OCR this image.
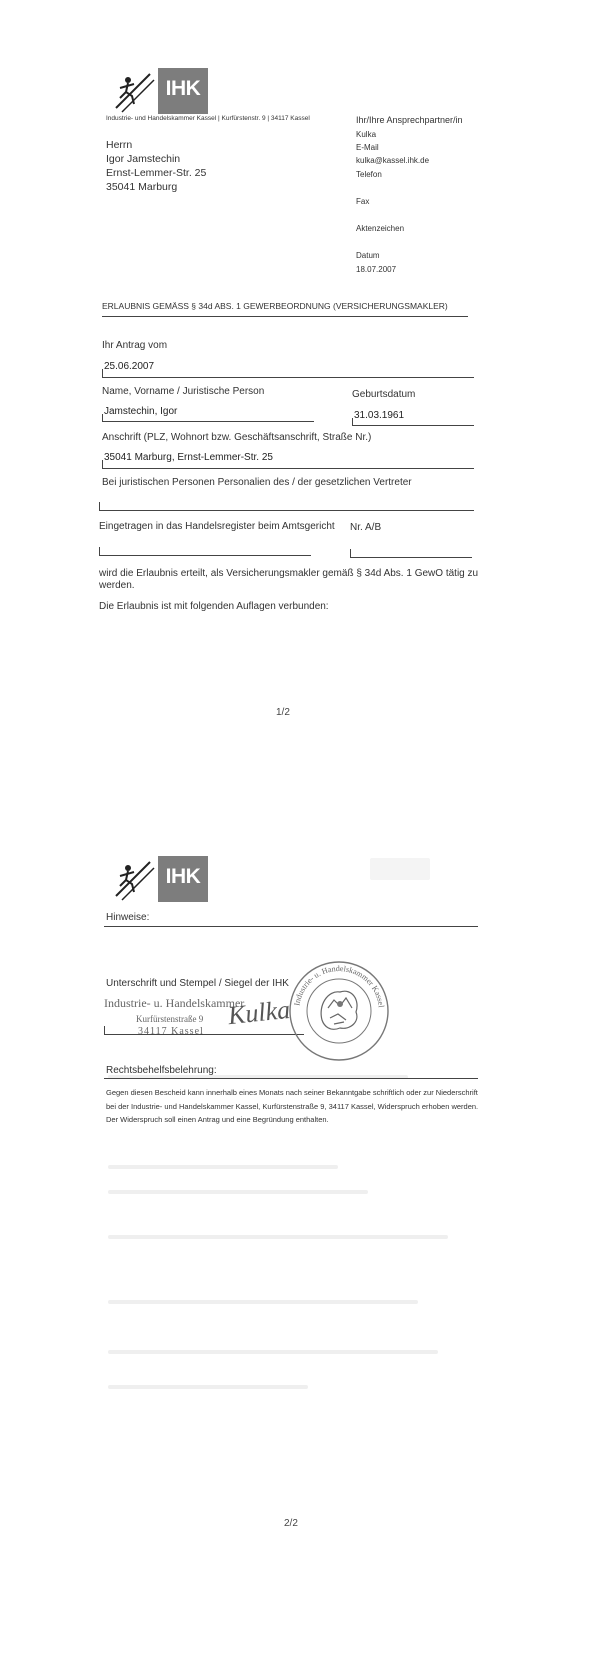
IHK
Industrie- und Handelskammer Kassel | Kurfürstenstr. 9 | 34117 Kassel
Herrn
Igor Jamstechin
Ernst-Lemmer-Str. 25
35041 Marburg
Ihr/Ihre Ansprechpartner/in
Kulka
E-Mail
kulka@kassel.ihk.de
Telefon
Fax
Aktenzeichen
Datum
18.07.2007
ERLAUBNIS GEMÄSS § 34d ABS. 1 GEWERBEORDNUNG (VERSICHERUNGSMAKLER)
Ihr Antrag vom
25.06.2007
Name, Vorname / Juristische Person	Geburtsdatum
Jamstechin, Igor	31.03.1961
Anschrift (PLZ, Wohnort bzw. Geschäftsanschrift, Straße Nr.)
35041 Marburg, Ernst-Lemmer-Str. 25
Bei juristischen Personen Personalien des / der gesetzlichen Vertreter
Eingetragen in das Handelsregister beim Amtsgericht Nr. A/B
wird die Erlaubnis erteilt, als Versicherungsmakler gemäß § 34d Abs. 1 GewO tätig zu
werden.
Die Erlaubnis ist mit folgenden Auflagen verbunden:
1/2
IHK
Hinweise:
Unterschrift und Stempel / Siegel der IHK
Industrie- u. Handelskammer
Kurfürstenstraße 9
34117 Kassel
Kulka Industrie- u. Handelskammer Kassel
Rechtsbehelfsbelehrung:
Gegen diesen Bescheid kann innerhalb eines Monats nach seiner Bekanntgabe schriftlich oder zur Niederschrift
bei der Industrie- und Handelskammer Kassel, Kurfürstenstraße 9, 34117 Kassel, Widerspruch erhoben werden.
Der Widerspruch soll einen Antrag und eine Begründung enthalten.
2/2
